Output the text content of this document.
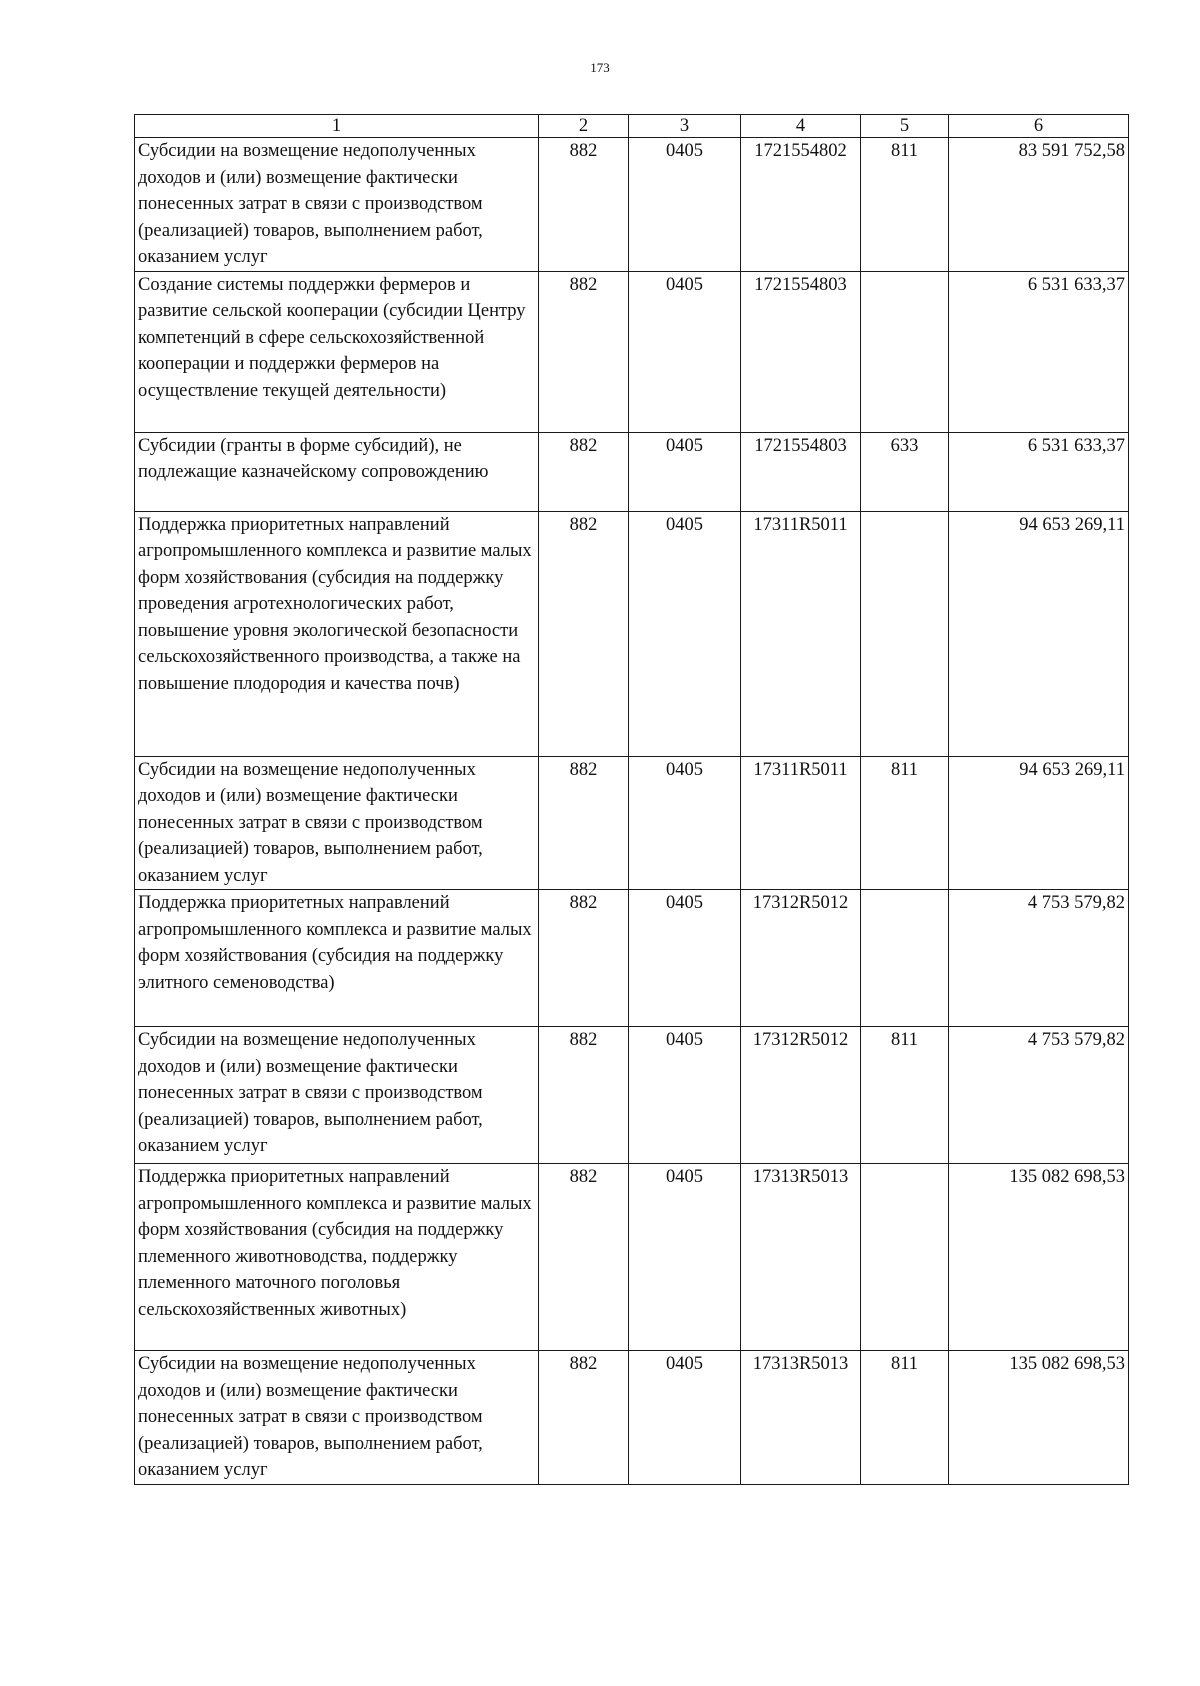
173
1	2	3	4	5	6
Субсидии на возмещение недополученных доходов и (или) возмещение фактически понесенных затрат в связи с производством (реализацией) товаров, выполнением работ, оказанием услуг	882	0405	1721554802	811	83 591 752,58
Создание системы поддержки фермеров и развитие сельской кооперации (субсидии Центру компетенций в сфере сельскохозяйственной кооперации и поддержки фермеров на осуществление текущей деятельности)	882	0405	1721554803		6 531 633,37
Субсидии (гранты в форме субсидий), не подлежащие казначейскому сопровождению	882	0405	1721554803	633	6 531 633,37
Поддержка приоритетных направлений агропромышленного комплекса и развитие малых форм хозяйствования (субсидия на поддержку проведения агротехнологических работ, повышение уровня экологической безопасности сельскохозяйственного производства, а также на повышение плодородия и качества почв)	882	0405	17311R5011		94 653 269,11
Субсидии на возмещение недополученных доходов и (или) возмещение фактически понесенных затрат в связи с производством (реализацией) товаров, выполнением работ, оказанием услуг	882	0405	17311R5011	811	94 653 269,11
Поддержка приоритетных направлений агропромышленного комплекса и развитие малых форм хозяйствования (субсидия на поддержку элитного семеноводства)	882	0405	17312R5012		4 753 579,82
Субсидии на возмещение недополученных доходов и (или) возмещение фактически понесенных затрат в связи с производством (реализацией) товаров, выполнением работ, оказанием услуг	882	0405	17312R5012	811	4 753 579,82
Поддержка приоритетных направлений агропромышленного комплекса и развитие малых форм хозяйствования (субсидия на поддержку племенного животноводства, поддержку племенного маточного поголовья сельскохозяйственных животных)	882	0405	17313R5013		135 082 698,53
Субсидии на возмещение недополученных доходов и (или) возмещение фактически понесенных затрат в связи с производством (реализацией) товаров, выполнением работ, оказанием услуг	882	0405	17313R5013	811	135 082 698,53
